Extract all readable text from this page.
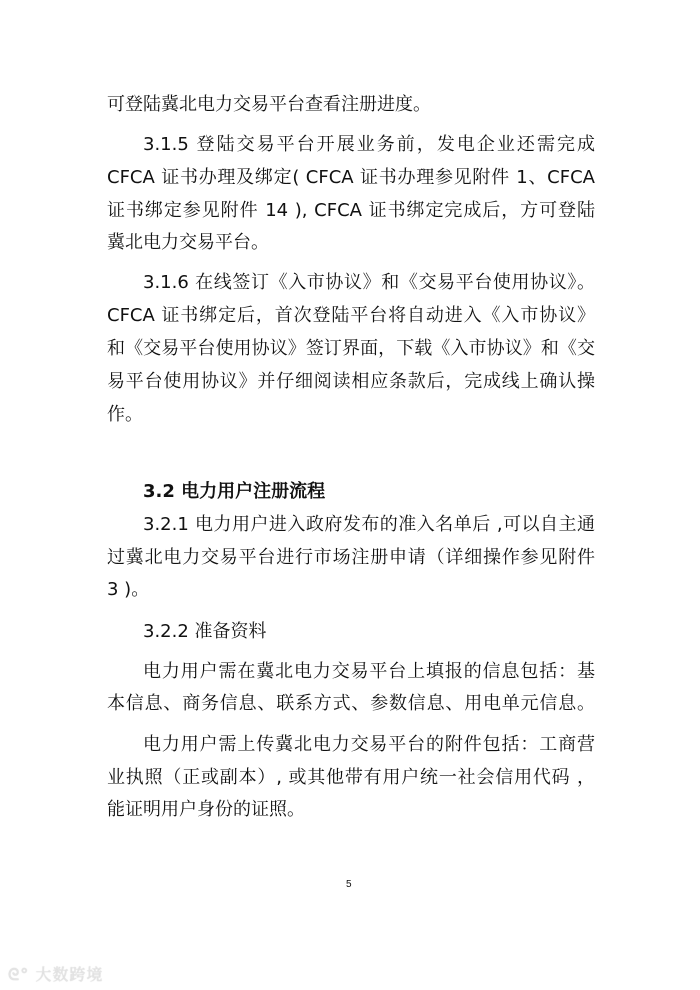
可登陆冀北电力交易平台查看注册进度。
3.1.5 登陆交易平台开展业务前，发电企业还需完成
CFCA 证书办理及绑定( CFCA 证书办理参见附件 1、CFCA
证书绑定参见附件 14 ), CFCA 证书绑定完成后，方可登陆
冀北电力交易平台。
3.1.6 在线签订《入市协议》和《交易平台使用协议》。
CFCA 证书绑定后，首次登陆平台将自动进入《入市协议》
和《交易平台使用协议》签订界面，下载《入市协议》和《交
易平台使用协议》并仔细阅读相应条款后，完成线上确认操
作。
3.2 电力用户注册流程
3.2.1 电力用户进入政府发布的准入名单后 ,可以自主通
过冀北电力交易平台进行市场注册申请（详细操作参见附件
3 )。
3.2.2 准备资料
电力用户需在冀北电力交易平台上填报的信息包括：基
本信息、商务信息、联系方式、参数信息、用电单元信息。
电力用户需上传冀北电力交易平台的附件包括：工商营
业执照（正或副本）, 或其他带有用户统一社会信用代码 ，
能证明用户身份的证照。
5
ᘓ° 大数跨境
